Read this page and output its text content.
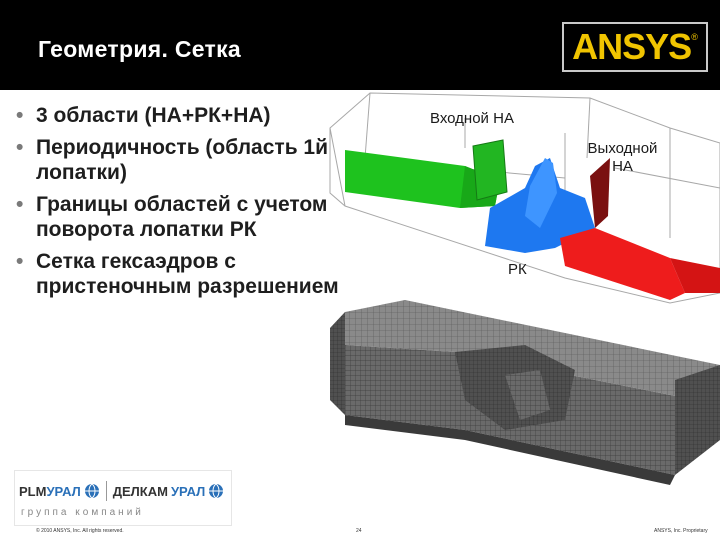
Геометрия. Сетка	ANSYS ®
• 3 области (НА+РК+НА)
• Периодичность (область 1й лопатки)
• Границы областей с учетом поворота лопатки РК
• Сетка гексаэдров с пристеночным разрешением
Входной НА
Выходной
НА
РК
PLM УРАЛ ДЕЛКАМ УРАЛ
группа компаний
© 2010 ANSYS, Inc. All rights reserved.	24	ANSYS, Inc. Proprietary
